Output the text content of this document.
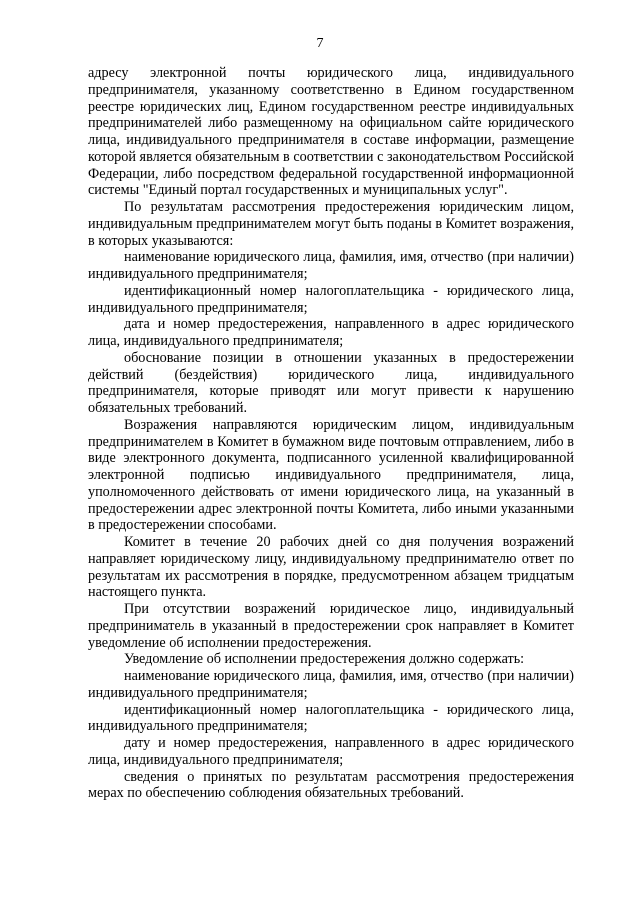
7

адресу электронной почты юридического лица, индивидуального предпринимателя, указанному соответственно в Едином государственном реестре юридических лиц, Едином государственном реестре индивидуальных предпринимателей либо размещенному на официальном сайте юридического лица, индивидуального предпринимателя в составе информации, размещение которой является обязательным в соответствии с законодательством Российской Федерации, либо посредством федеральной государственной информационной системы "Единый портал государственных и муниципальных услуг".

По результатам рассмотрения предостережения юридическим лицом, индивидуальным предпринимателем могут быть поданы в Комитет возражения, в которых указываются:

наименование юридического лица, фамилия, имя, отчество (при наличии) индивидуального предпринимателя;

идентификационный номер налогоплательщика - юридического лица, индивидуального предпринимателя;

дата и номер предостережения, направленного в адрес юридического лица, индивидуального предпринимателя;

обоснование позиции в отношении указанных в предостережении действий (бездействия) юридического лица, индивидуального предпринимателя, которые приводят или могут привести к нарушению обязательных требований.

Возражения направляются юридическим лицом, индивидуальным предпринимателем в Комитет в бумажном виде почтовым отправлением, либо в виде электронного документа, подписанного усиленной квалифицированной электронной подписью индивидуального предпринимателя, лица, уполномоченного действовать от имени юридического лица, на указанный в предостережении адрес электронной почты Комитета, либо иными указанными в предостережении способами.

Комитет в течение 20 рабочих дней со дня получения возражений направляет юридическому лицу, индивидуальному предпринимателю ответ по результатам их рассмотрения в порядке, предусмотренном абзацем тридцатым настоящего пункта.

При отсутствии возражений юридическое лицо, индивидуальный предприниматель в указанный в предостережении срок направляет в Комитет уведомление об исполнении предостережения.

Уведомление об исполнении предостережения должно содержать:

наименование юридического лица, фамилия, имя, отчество (при наличии) индивидуального предпринимателя;

идентификационный номер налогоплательщика - юридического лица, индивидуального предпринимателя;

дату и номер предостережения, направленного в адрес юридического лица, индивидуального предпринимателя;

сведения о принятых по результатам рассмотрения предостережения мерах по обеспечению соблюдения обязательных требований.
